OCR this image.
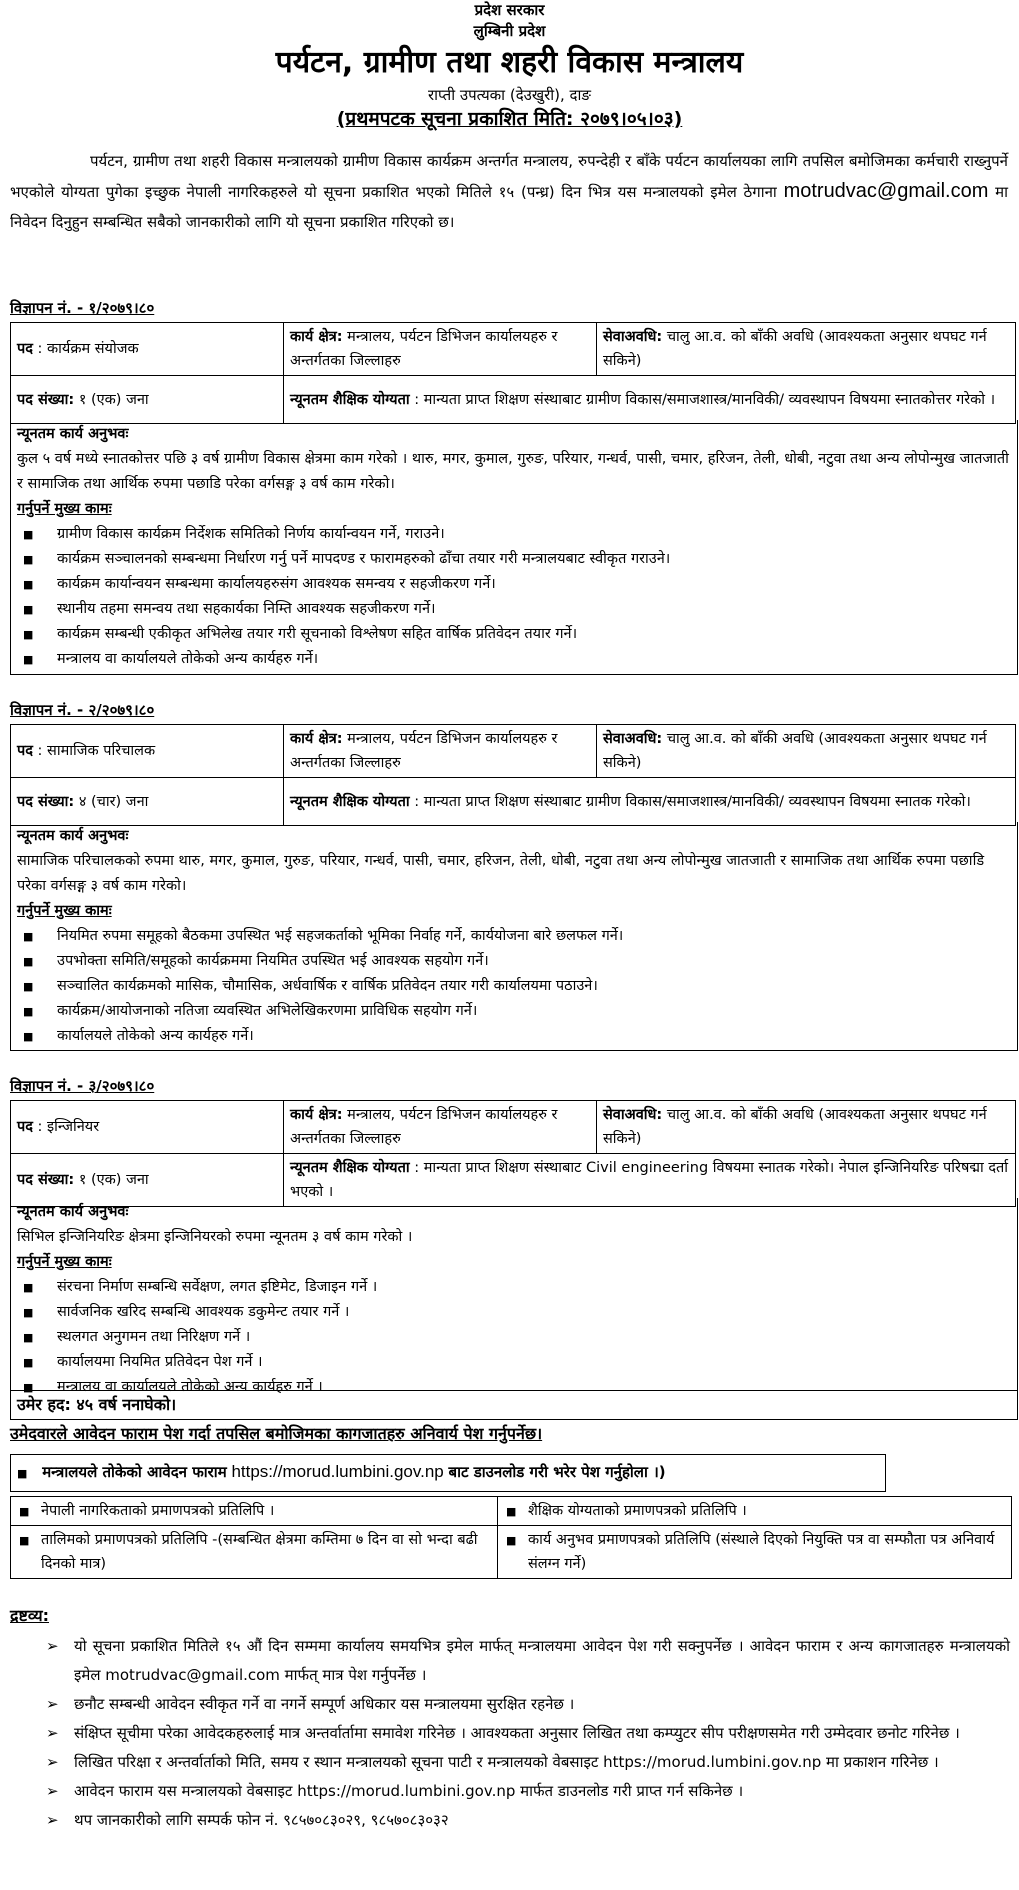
प्रदेश सरकार
लुम्बिनी प्रदेश
पर्यटन, ग्रामीण तथा शहरी विकास मन्त्रालय
राप्ती उपत्यका (देउखुरी), दाङ
(प्रथमपटक सूचना प्रकाशित मिति: २०७९।०५।०३)
पर्यटन, ग्रामीण तथा शहरी विकास मन्त्रालयको ग्रामीण विकास कार्यक्रम अन्तर्गत मन्त्रालय, रुपन्देही र बाँके पर्यटन कार्यालयका लागि तपसिल बमोजिमका कर्मचारी राख्नुपर्ने भएकोले योग्यता पुगेका इच्छुक नेपाली नागरिकहरुले यो सूचना प्रकाशित भएको मितिले १५ (पन्ध्र) दिन भित्र यस मन्त्रालयको इमेल ठेगाना motrudvac@gmail.com मा निवेदन दिनुहुन सम्बन्धित सबैको जानकारीको लागि यो सूचना प्रकाशित गरिएको छ।
विज्ञापन नं. - १/२०७९।८०
पद : कार्यक्रम संयोजक	कार्य क्षेत्र: मन्त्रालय, पर्यटन डिभिजन कार्यालयहरु र अन्तर्गतका जिल्लाहरु	सेवाअवधि: चालु आ.व. को बाँकी अवधि (आवश्यकता अनुसार थपघट गर्न सकिने)
पद संख्या: १ (एक) जना	न्यूनतम शैक्षिक योग्यता : मान्यता प्राप्त शिक्षण संस्थाबाट ग्रामीण विकास/समाजशास्त्र/मानविकी/ व्यवस्थापन विषयमा स्नातकोत्तर गरेको ।	
न्यूनतम कार्य अनुभवः
कुल ५ वर्ष मध्ये स्नातकोत्तर पछि ३ वर्ष ग्रामीण विकास क्षेत्रमा काम गरेको । थारु, मगर, कुमाल, गुरुङ, परियार, गन्धर्व, पासी, चमार, हरिजन, तेली, धोबी, नटुवा तथा अन्य लोपोन्मुख जातजाती र सामाजिक तथा आर्थिक रुपमा पछाडि परेका वर्गसङ्ग ३ वर्ष काम गरेको।
गर्नुपर्ने मुख्य कामः
■ ग्रामीण विकास कार्यक्रम निर्देशक समितिको निर्णय कार्यान्वयन गर्ने, गराउने।
■ कार्यक्रम सञ्चालनको सम्बन्धमा निर्धारण गर्नु पर्ने मापदण्ड र फारामहरुको ढाँचा तयार गरी मन्त्रालयबाट स्वीकृत गराउने।
■ कार्यक्रम कार्यान्वयन सम्बन्धमा कार्यालयहरुसंग आवश्यक समन्वय र सहजीकरण गर्ने।
■ स्थानीय तहमा समन्वय तथा सहकार्यका निम्ति आवश्यक सहजीकरण गर्ने।
■ कार्यक्रम सम्बन्धी एकीकृत अभिलेख तयार गरी सूचनाको विश्लेषण सहित वार्षिक प्रतिवेदन तयार गर्ने।
■ मन्त्रालय वा कार्यालयले तोकेको अन्य कार्यहरु गर्ने।
विज्ञापन नं. - २/२०७९।८०
पद : सामाजिक परिचालक	कार्य क्षेत्र: मन्त्रालय, पर्यटन डिभिजन कार्यालयहरु र अन्तर्गतका जिल्लाहरु	सेवाअवधि: चालु आ.व. को बाँकी अवधि (आवश्यकता अनुसार थपघट गर्न सकिने)
पद संख्या: ४ (चार) जना	न्यूनतम शैक्षिक योग्यता : मान्यता प्राप्त शिक्षण संस्थाबाट ग्रामीण विकास/समाजशास्त्र/मानविकी/ व्यवस्थापन विषयमा स्नातक गरेको।	
न्यूनतम कार्य अनुभवः
सामाजिक परिचालकको रुपमा थारु, मगर, कुमाल, गुरुङ, परियार, गन्धर्व, पासी, चमार, हरिजन, तेली, धोबी, नटुवा तथा अन्य लोपोन्मुख जातजाती र सामाजिक तथा आर्थिक रुपमा पछाडि परेका वर्गसङ्ग ३ वर्ष काम गरेको।
गर्नुपर्ने मुख्य कामः
■ नियमित रुपमा समूहको बैठकमा उपस्थित भई सहजकर्ताको भूमिका निर्वाह गर्ने, कार्ययोजना बारे छलफल गर्ने।
■ उपभोक्ता समिति/समूहको कार्यक्रममा नियमित उपस्थित भई आवश्यक सहयोग गर्ने।
■ सञ्चालित कार्यक्रमको मासिक, चौमासिक, अर्धवार्षिक र वार्षिक प्रतिवेदन तयार गरी कार्यालयमा पठाउने।
■ कार्यक्रम/आयोजनाको नतिजा व्यवस्थित अभिलेखिकरणमा प्राविधिक सहयोग गर्ने।
■ कार्यालयले तोकेको अन्य कार्यहरु गर्ने।
विज्ञापन नं. - ३/२०७९।८०
पद : इन्जिनियर	कार्य क्षेत्र: मन्त्रालय, पर्यटन डिभिजन कार्यालयहरु र अन्तर्गतका जिल्लाहरु	सेवाअवधि: चालु आ.व. को बाँकी अवधि (आवश्यकता अनुसार थपघट गर्न सकिने)
पद संख्या: १ (एक) जना	न्यूनतम शैक्षिक योग्यता : मान्यता प्राप्त शिक्षण संस्थाबाट Civil engineering विषयमा स्नातक गरेको। नेपाल इन्जिनियरिङ परिषद्मा दर्ता भएको ।	
न्यूनतम कार्य अनुभवः
सिभिल इन्जिनियरिङ क्षेत्रमा इन्जिनियरको रुपमा न्यूनतम ३ वर्ष काम गरेको ।
गर्नुपर्ने मुख्य कामः
■ संरचना निर्माण सम्बन्धि सर्वेक्षण, लगत इष्टिमेट, डिजाइन गर्ने ।
■ सार्वजनिक खरिद सम्बन्धि आवश्यक डकुमेन्ट तयार गर्ने ।
■ स्थलगत अनुगमन तथा निरिक्षण गर्ने ।
■ कार्यालयमा नियमित प्रतिवेदन पेश गर्ने ।
■ मन्त्रालय वा कार्यालयले तोकेको अन्य कार्यहरु गर्ने ।
उमेर हद: ४५ वर्ष ननाघेको।
उमेदवारले आवेदन फाराम पेश गर्दा तपसिल बमोजिमका कागजातहरु अनिवार्य पेश गर्नुपर्नेछ।
■ मन्त्रालयले तोकेको आवेदन फाराम https://morud.lumbini.gov.np बाट डाउनलोड गरी भरेर पेश गर्नुहोला ।)
■ नेपाली नागरिकताको प्रमाणपत्रको प्रतिलिपि ।	■ शैक्षिक योग्यताको प्रमाणपत्रको प्रतिलिपि ।

■ तालिमको प्रमाणपत्रको प्रतिलिपि -(सम्बन्धित क्षेत्रमा कम्तिमा ७ दिन वा सो भन्दा बढी दिनको मात्र)	■ कार्य अनुभव प्रमाणपत्रको प्रतिलिपि (संस्थाले दिएको नियुक्ति पत्र वा सम्फौता पत्र अनिवार्य संलग्न गर्ने)
द्रष्टव्य:
➢ यो सूचना प्रकाशित मितिले १५ औं दिन सम्ममा कार्यालय समयभित्र इमेल मार्फत् मन्त्रालयमा आवेदन पेश गरी सक्नुपर्नेछ । आवेदन फाराम र अन्य कागजातहरु मन्त्रालयको इमेल motrudvac@gmail.com मार्फत् मात्र पेश गर्नुपर्नेछ ।
➢ छनौट सम्बन्धी आवेदन स्वीकृत गर्ने वा नगर्ने सम्पूर्ण अधिकार यस मन्त्रालयमा सुरक्षित रहनेछ ।
➢ संक्षिप्त सूचीमा परेका आवेदकहरुलाई मात्र अन्तर्वार्तामा समावेश गरिनेछ । आवश्यकता अनुसार लिखित तथा कम्प्युटर सीप परीक्षणसमेत गरी उम्मेदवार छनोट गरिनेछ ।
➢ लिखित परिक्षा र अन्तर्वार्ताको मिति, समय र स्थान मन्त्रालयको सूचना पाटी र मन्त्रालयको वेबसाइट https://morud.lumbini.gov.np मा प्रकाशन गरिनेछ ।
➢ आवेदन फाराम यस मन्त्रालयको वेबसाइट https://morud.lumbini.gov.np मार्फत डाउनलोड गरी प्राप्त गर्न सकिनेछ ।
➢ थप जानकारीको लागि सम्पर्क फोन नं. ९८५७०८३०२९, ९८५७०८३०३२
